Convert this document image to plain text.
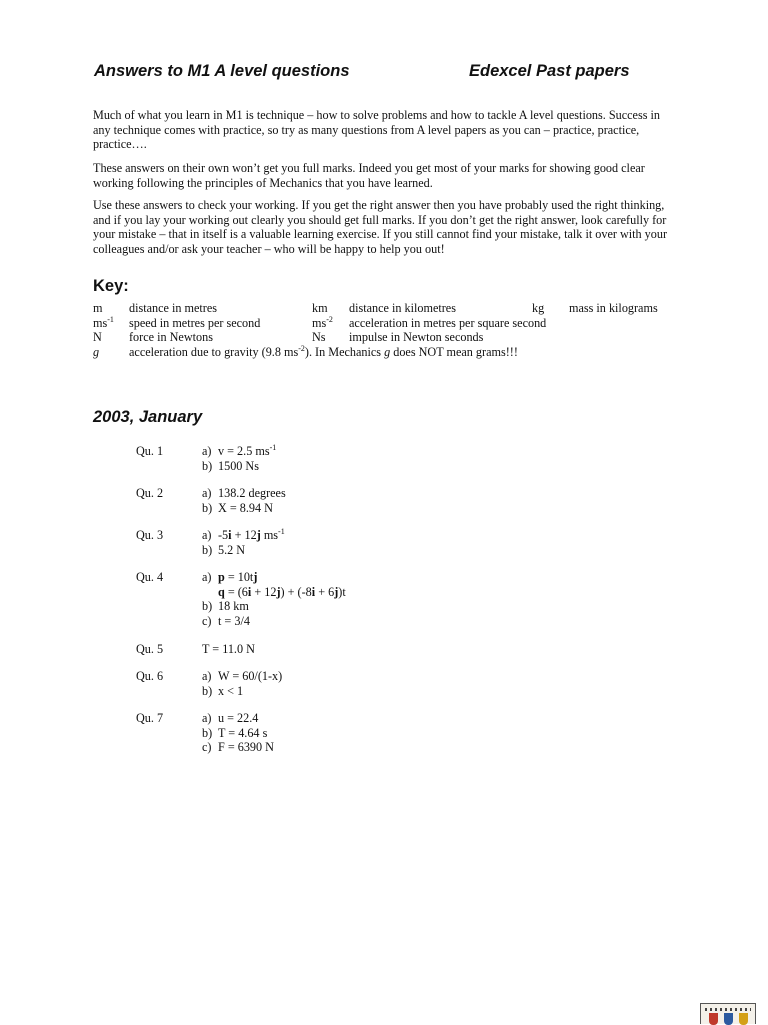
Answers to M1 A level questions	Edexcel Past papers

Much of what you learn in M1 is technique – how to solve problems and how to tackle A level questions. Success in any technique comes with practice, so try as many questions from A level papers as you can – practice, practice, practice….

These answers on their own won’t get you full marks. Indeed you get most of your marks for showing good clear working following the principles of Mechanics that you have learned.

Use these answers to check your working. If you get the right answer then you have probably used the right thinking, and if you lay your working out clearly you should get full marks. If you don’t get the right answer, look carefully for your mistake – that in itself is a valuable learning exercise. If you still cannot find your mistake, talk it over with your colleagues and/or ask your teacher – who will be happy to help you out!

Key:
m distance in metres	km distance in kilometres	kg mass in kilograms
$ms^{-1}$ speed in metres per second	$ms^{-2}$ acceleration in metres per square second
N force in Newtons	Ns impulse in Newton seconds
g acceleration due to gravity (9.8 $ms^{-2}$). In Mechanics g does NOT mean grams!!!
2003, January
Qu. 1	a) v = 2.5 $ms^{-1}$
b) 1500 Ns
Qu. 2	a) 138.2 degrees
b) X = 8.94 N
Qu. 3	a) -5i + 12j $ms^{-1}$
b) 5.2 N
Qu. 4	a) p = 10tj
q = (6i + 12j) + (-8i + 6j)t
b) 18 km
c) t = 3/4
Qu. 5	T = 11.0 N
Qu. 6	a) W = 60/(1-x)
b) x < 1
Qu. 7	a) u = 22.4
b) T = 4.64 s
c) F = 6390 N
